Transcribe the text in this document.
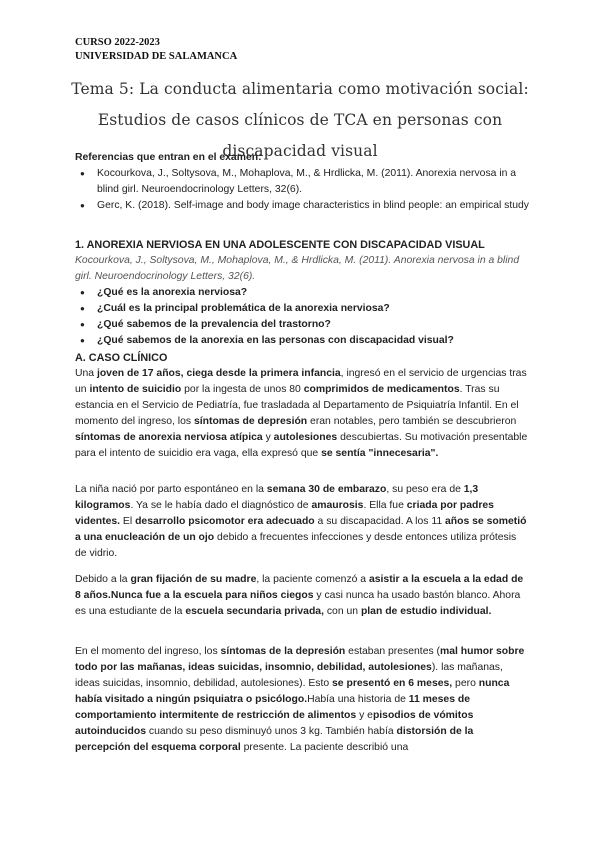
CURSO 2022-2023
UNIVERSIDAD DE SALAMANCA
Tema 5: La conducta alimentaria como motivación social: Estudios de casos clínicos de TCA en personas con discapacidad visual
Referencias que entran en el examen:
● Kocourkova, J., Soltysova, M., Mohaplova, M., & Hrdlicka, M. (2011). Anorexia nervosa in a blind girl. Neuroendocrinology Letters, 32(6).
● Gerc, K. (2018). Self-image and body image characteristics in blind people: an empirical study
1. ANOREXIA NERVIOSA EN UNA ADOLESCENTE CON DISCAPACIDAD VISUAL
Kocourkova, J., Soltysova, M., Mohaplova, M., & Hrdlicka, M. (2011). Anorexia nervosa in a blind girl. Neuroendocrinology Letters, 32(6).
● ¿Qué es la anorexia nerviosa?
● ¿Cuál es la principal problemática de la anorexia nerviosa?
● ¿Qué sabemos de la prevalencia del trastorno?
● ¿Qué sabemos de la anorexia en las personas con discapacidad visual?
A. CASO CLÍNICO

Una joven de 17 años, ciega desde la primera infancia, ingresó en el servicio de urgencias tras un intento de suicidio por la ingesta de unos 80 comprimidos de medicamentos. Tras su estancia en el Servicio de Pediatría, fue trasladada al Departamento de Psiquiatría Infantil. En el momento del ingreso, los síntomas de depresión eran notables, pero también se descubrieron síntomas de anorexia nerviosa atípica y autolesiones descubiertas. Su motivación presentable para el intento de suicidio era vaga, ella expresó que se sentía "innecesaria".

La niña nació por parto espontáneo en la semana 30 de embarazo, su peso era de 1,3 kilogramos. Ya se le había dado el diagnóstico de amaurosis. Ella fue criada por padres videntes. El desarrollo psicomotor era adecuado a su discapacidad. A los 11 años se sometió a una enucleación de un ojo debido a frecuentes infecciones y desde entonces utiliza prótesis de vidrio.

Debido a la gran fijación de su madre, la paciente comenzó a asistir a la escuela a la edad de 8 años.Nunca fue a la escuela para niños ciegos y casi nunca ha usado bastón blanco. Ahora es una estudiante de la escuela secundaria privada, con un plan de estudio individual.

En el momento del ingreso, los síntomas de la depresión estaban presentes (mal humor sobre todo por las mañanas, ideas suicidas, insomnio, debilidad, autolesiones). las mañanas, ideas suicidas, insomnio, debilidad, autolesiones). Esto se presentó en 6 meses, pero nunca había visitado a ningún psiquiatra o psicólogo.Había una historia de 11 meses de comportamiento intermitente de restricción de alimentos y episodios de vómitos autoinducidos cuando su peso disminuyó unos 3 kg. También había distorsión de la percepción del esquema corporal presente. La paciente describió una
